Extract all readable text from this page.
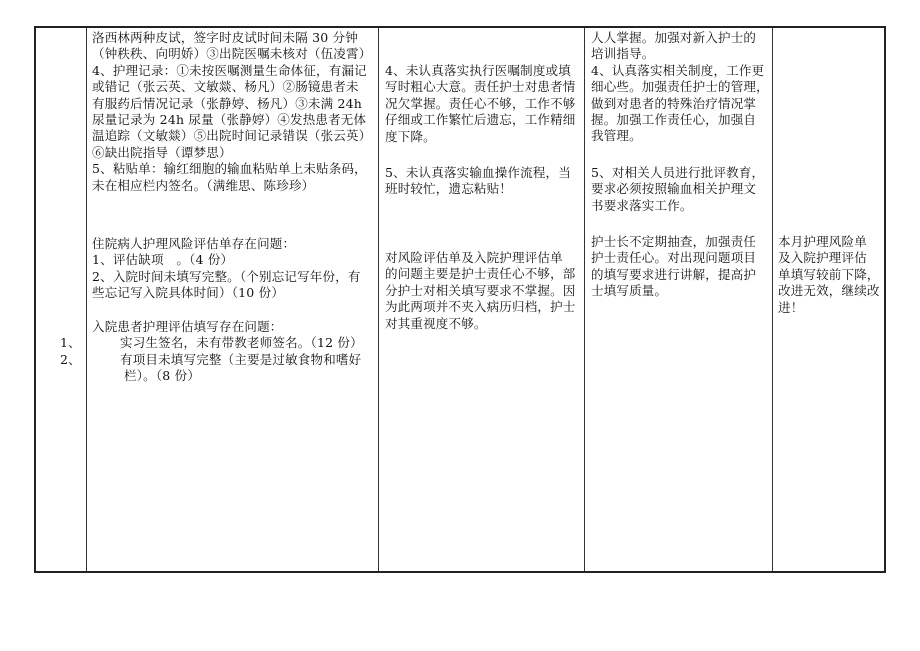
洛西林两种皮试，签字时皮试时间未隔 30 分钟
（钟秩秩、向明娇）③出院医嘱未核对（伍凌霄）
4、护理记录：①未按医嘱测量生命体征，有漏记
或错记（张云英、文敏燚、杨凡）②肠镜患者未
有服药后情况记录（张静婷、杨凡）③未满 24h
尿量记录为 24h 尿量（张静婷）④发热患者无体
温追踪（文敏燚）⑤出院时间记录错误（张云英）
⑥缺出院指导（谭梦思）
5、粘贴单：输红细胞的输血粘贴单上未贴条码，
未在相应栏内签名。（满维思、陈珍珍）
住院病人护理风险评估单存在问题：
1、评估缺项　。（4 份）
2、入院时间未填写完整。（个别忘记写年份，有
些忘记写入院具体时间）（10 份）
入院患者护理评估填写存在问题：
1、	实习生签名，未有带教老师签名。（12 份）
2、	有项目未填写完整（主要是过敏食物和嗜好栏）。（8 份）
4、未认真落实执行医嘱制度或填
写时粗心大意。责任护士对患者情
况欠掌握。责任心不够，工作不够
仔细或工作繁忙后遗忘，工作精细
度下降。
5、未认真落实输血操作流程，当
班时较忙，遗忘粘贴！
对风险评估单及入院护理评估单
的问题主要是护士责任心不够，部
分护士对相关填写要求不掌握。因
为此两项并不夹入病历归档，护士
对其重视度不够。
人人掌握。加强对新入护士的
培训指导。
4、认真落实相关制度，工作更
细心些。加强责任护士的管理，
做到对患者的特殊治疗情况掌
握。加强工作责任心，加强自
我管理。
5、对相关人员进行批评教育，
要求必须按照输血相关护理文
书要求落实工作。
护士长不定期抽查，加强责任
护士责任心。对出现问题项目
的填写要求进行讲解，提高护
士填写质量。
本月护理风险单
及入院护理评估
单填写较前下降，
改进无效，继续改
进！
